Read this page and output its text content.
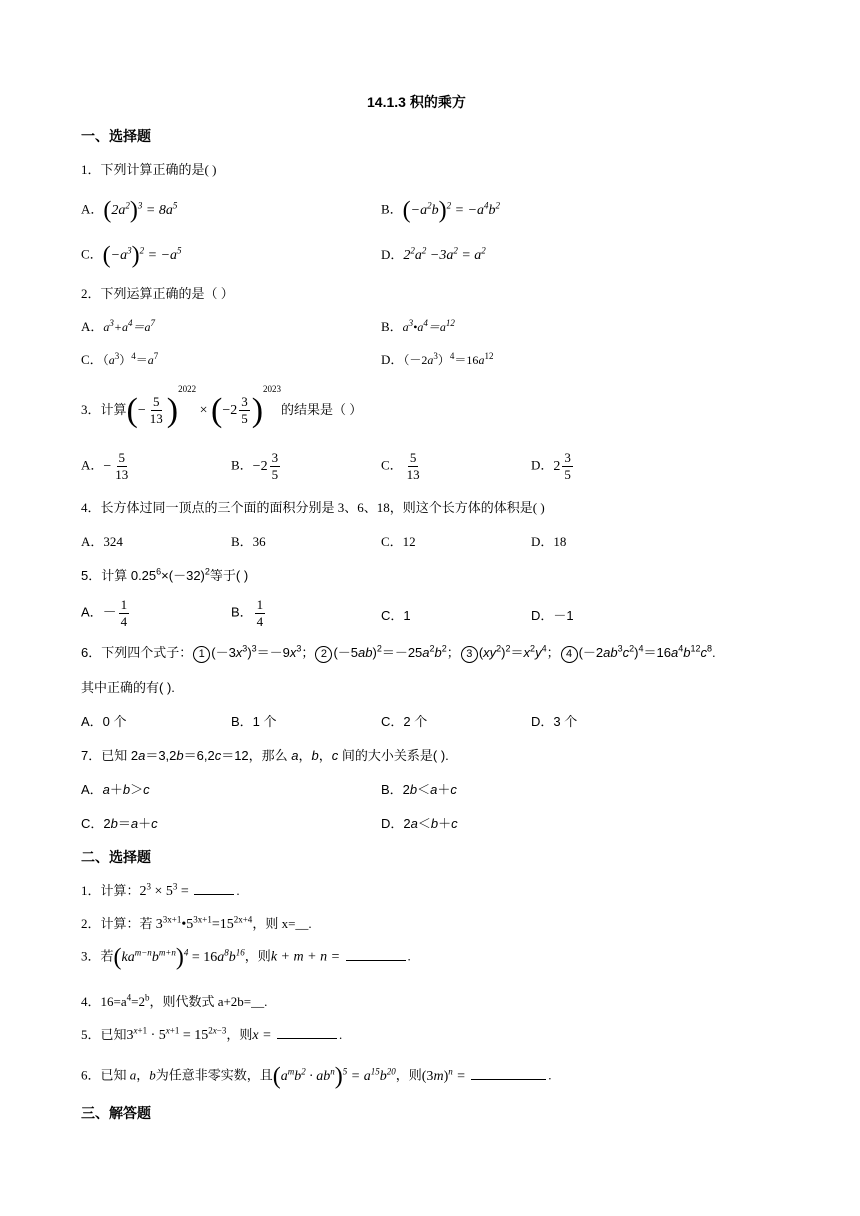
14.1.3 积的乘方
一、选择题
1．下列计算正确的是( )
A．$(2a^2)^3 = 8a^5$	B．$(-a^2b)^2 = -a^4b^2$
C．$(-a^3)^2 = -a^5$	D．$2^2a^2 -3a^2 = a^2$
2．下列运算正确的是（ ）
A．$a^3+a^4=a^7$	B．$a^3•a^4=a^{12}$
C．$(a^3)^4=a^7$	D．$(-2a^3)^4=16a^{12}$
3．计算(− $\frac{5}{13} )^{2022} \times (-2 \frac{3}{5} )^{2023}$的结果是（ ）
A．− $\frac{5}{13}$	B．$-2 \frac{3}{5}$	C． $\frac{5}{13}$	D．$2 \frac{3}{5}$
4．长方体过同一顶点的三个面的面积分别是 3、6、18，则这个长方体的体积是( )
A．324	B．36	C．12	D．18
5．计算 $0.25^6\times(-32)^2$等于( )
A．－ $\frac{1}{4}$	B． $\frac{1}{4}$	C．1	D．－1
6．下列四个式子： 1 $(-3x^3)^3=-9x^3$； 2 $(-5ab)^2=-25a^2b^2$； 3 $(xy^2)^2=x^2y^4$； 4 $(-2ab^3c^2)^4=16a^4b^{12}c^8$.
其中正确的有( ).
A．0 个	B．1 个	C．2 个	D．3 个
7．已知 2a＝3,2b＝6,2c＝12，那么 a，b，c 间的大小关系是( ).
A．a＋b＞c	B．2b＜a＋c
C．2b＝a＋c	D．2a＜b＋c
二、选择题
1．计算：$2^3 \times 5^3$ =	.
2．计算：若 $3^{3x+1}•5^{3x+1}=15^{2x+4}$，则 x=__.
3．若$(ka^{m-n}b^{m+n})^4 = 16a^8b^{16}$，则k + m + n =	.
4．$16=a^4=2^b$，则代数式 a+2b=__.
5．已知$3^{x+1} \cdot 5^{x+1} = 15^{2x-3}$，则x =	.
6．已知 a，b为任意非零实数，且$(a^mb^2 \cdot ab^n)^5 = a^{15}b^{20}$，则$(3m)^n$ =	.
三、解答题
